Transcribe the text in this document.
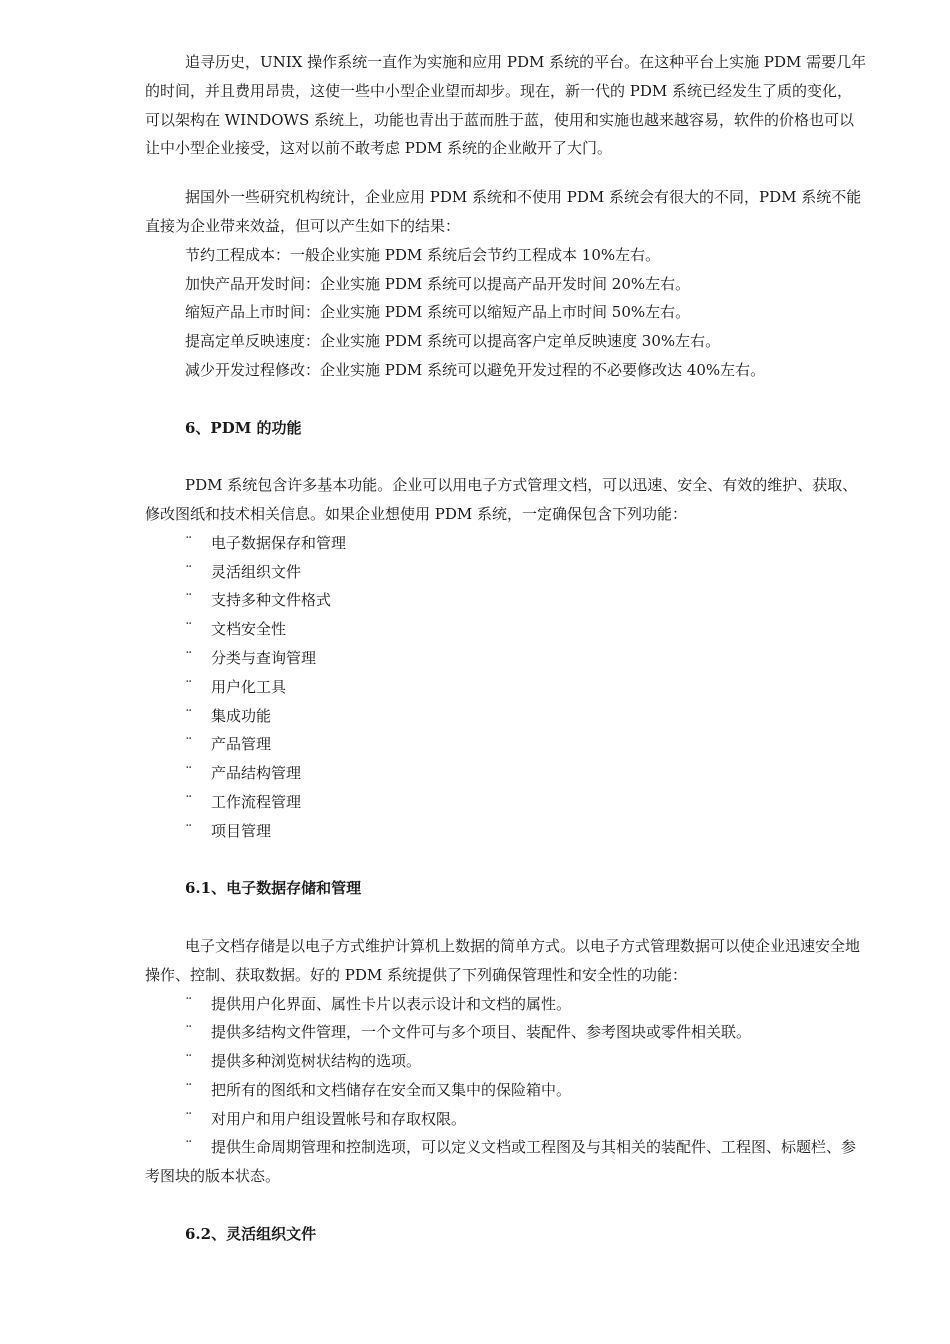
追寻历史，UNIX 操作系统一直作为实施和应用 PDM 系统的平台。在这种平台上实施 PDM 需要几年的时间，并且费用昂贵，这使一些中小型企业望而却步。现在，新一代的 PDM 系统已经发生了质的变化，可以架构在 WINDOWS 系统上，功能也青出于蓝而胜于蓝，使用和实施也越来越容易，软件的价格也可以让中小型企业接受，这对以前不敢考虑 PDM 系统的企业敞开了大门。

据国外一些研究机构统计，企业应用 PDM 系统和不使用 PDM 系统会有很大的不同，PDM 系统不能直接为企业带来效益，但可以产生如下的结果：

节约工程成本：一般企业实施 PDM 系统后会节约工程成本 10%左右。

加快产品开发时间：企业实施 PDM 系统可以提高产品开发时间 20%左右。

缩短产品上市时间：企业实施 PDM 系统可以缩短产品上市时间 50%左右。

提高定单反映速度：企业实施 PDM 系统可以提高客户定单反映速度 30%左右。

减少开发过程修改：企业实施 PDM 系统可以避免开发过程的不必要修改达 40%左右。

6、PDM 的功能

PDM 系统包含许多基本功能。企业可以用电子方式管理文档，可以迅速、安全、有效的维护、获取、修改图纸和技术相关信息。如果企业想使用 PDM 系统，一定确保包含下列功能：

¨ 电子数据保存和管理

¨ 灵活组织文件

¨ 支持多种文件格式

¨ 文档安全性

¨ 分类与查询管理

¨ 用户化工具

¨ 集成功能

¨ 产品管理

¨ 产品结构管理

¨ 工作流程管理

¨ 项目管理

6.1、电子数据存储和管理

电子文档存储是以电子方式维护计算机上数据的简单方式。以电子方式管理数据可以使企业迅速安全地操作、控制、获取数据。好的 PDM 系统提供了下列确保管理性和安全性的功能：

¨ 提供用户化界面、属性卡片以表示设计和文档的属性。

¨ 提供多结构文件管理，一个文件可与多个项目、装配件、参考图块或零件相关联。

¨ 提供多种浏览树状结构的选项。

¨ 把所有的图纸和文档储存在安全而又集中的保险箱中。

¨ 对用户和用户组设置帐号和存取权限。

¨ 提供生命周期管理和控制选项，可以定义文档或工程图及与其相关的装配件、工程图、标题栏、参考图块的版本状态。

6.2、灵活组织文件
